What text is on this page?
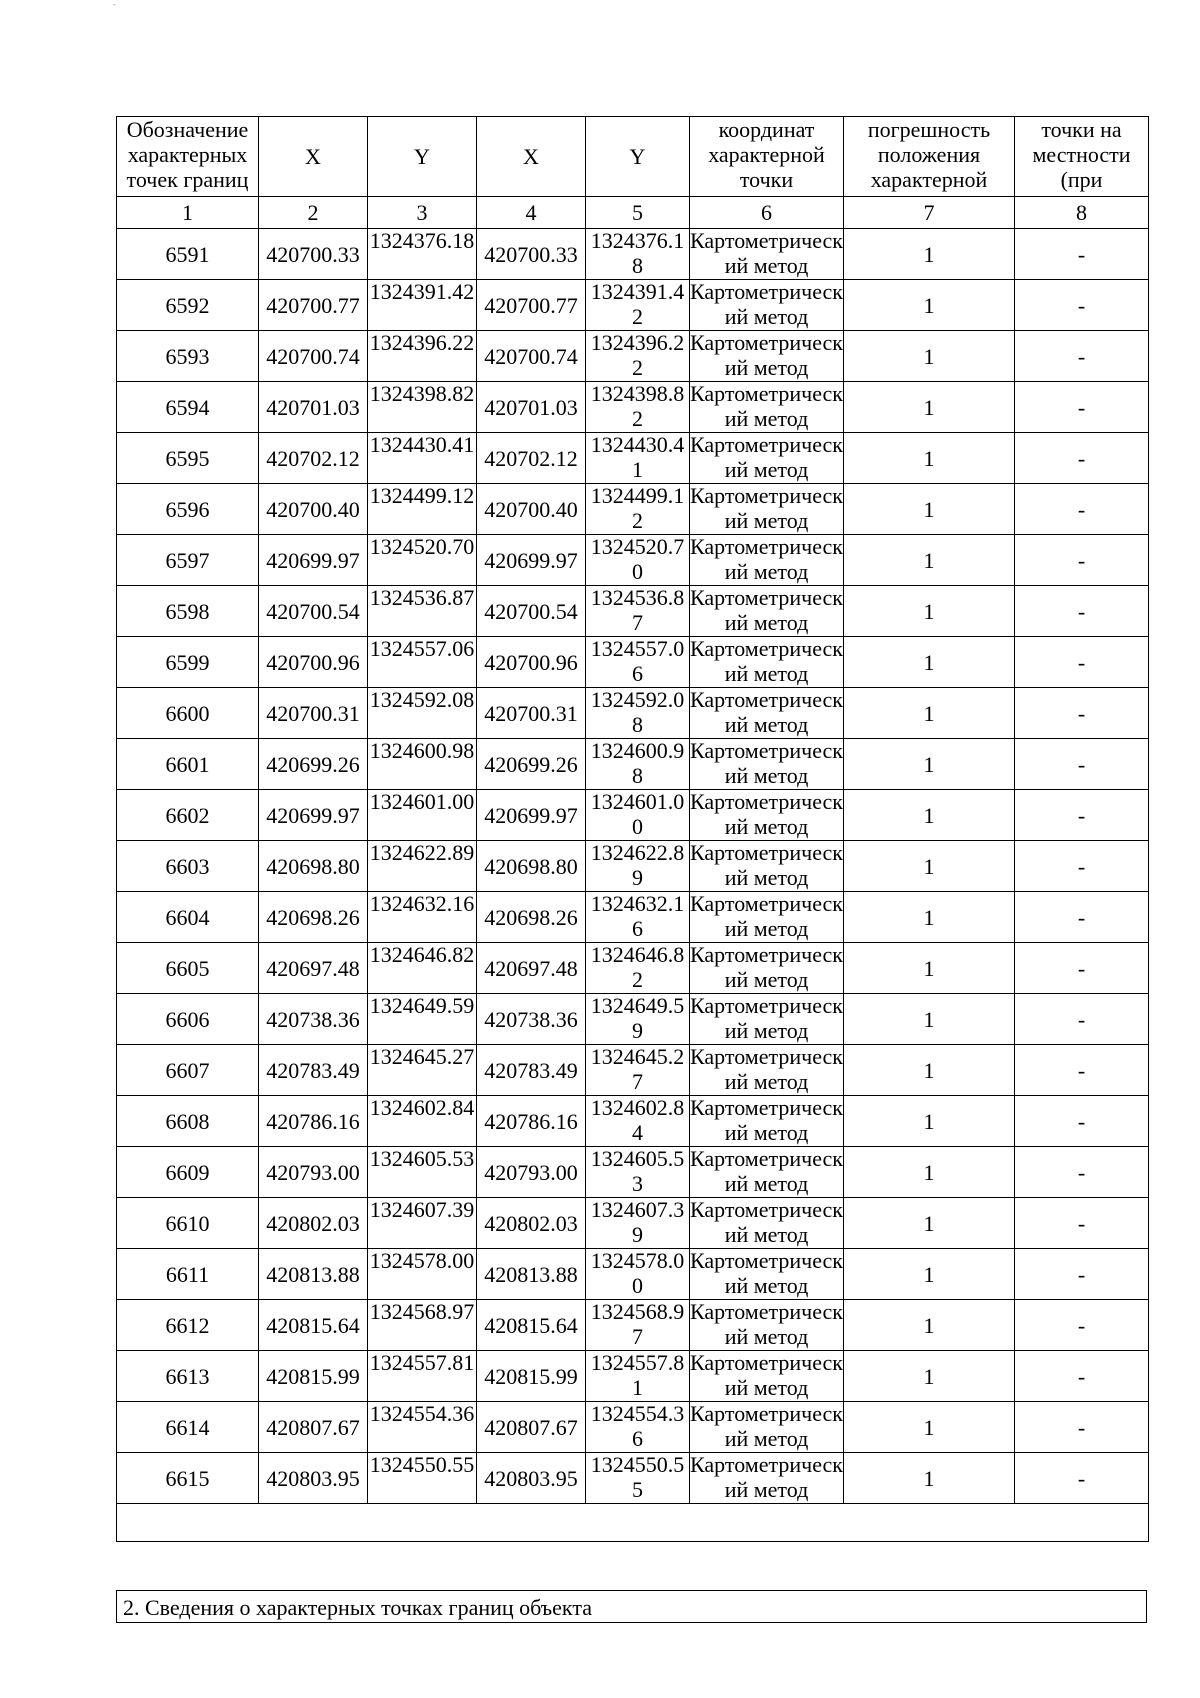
-
Обозначение характерных точек границ	X	Y	X	Y	координат характерной точки	погрешность положения характерной	точки на местности (при

1	2	3	4	5	6	7	8
6591	420700.33	1324376.18	420700.33	1324376.18	Картометрический метод	1	-
6592	420700.77	1324391.42	420700.77	1324391.42	Картометрический метод	1	-
6593	420700.74	1324396.22	420700.74	1324396.22	Картометрический метод	1	-
6594	420701.03	1324398.82	420701.03	1324398.82	Картометрический метод	1	-
6595	420702.12	1324430.41	420702.12	1324430.41	Картометрический метод	1	-
6596	420700.40	1324499.12	420700.40	1324499.12	Картометрический метод	1	-
6597	420699.97	1324520.70	420699.97	1324520.70	Картометрический метод	1	-
6598	420700.54	1324536.87	420700.54	1324536.87	Картометрический метод	1	-
6599	420700.96	1324557.06	420700.96	1324557.06	Картометрический метод	1	-
6600	420700.31	1324592.08	420700.31	1324592.08	Картометрический метод	1	-
6601	420699.26	1324600.98	420699.26	1324600.98	Картометрический метод	1	-
6602	420699.97	1324601.00	420699.97	1324601.00	Картометрический метод	1	-
6603	420698.80	1324622.89	420698.80	1324622.89	Картометрический метод	1	-
6604	420698.26	1324632.16	420698.26	1324632.16	Картометрический метод	1	-
6605	420697.48	1324646.82	420697.48	1324646.82	Картометрический метод	1	-
6606	420738.36	1324649.59	420738.36	1324649.59	Картометрический метод	1	-
6607	420783.49	1324645.27	420783.49	1324645.27	Картометрический метод	1	-
6608	420786.16	1324602.84	420786.16	1324602.84	Картометрический метод	1	-
6609	420793.00	1324605.53	420793.00	1324605.53	Картометрический метод	1	-
6610	420802.03	1324607.39	420802.03	1324607.39	Картометрический метод	1	-
6611	420813.88	1324578.00	420813.88	1324578.00	Картометрический метод	1	-
6612	420815.64	1324568.97	420815.64	1324568.97	Картометрический метод	1	-
6613	420815.99	1324557.81	420815.99	1324557.81	Картометрический метод	1	-
6614	420807.67	1324554.36	420807.67	1324554.36	Картометрический метод	1	-
6615	420803.95	1324550.55	420803.95	1324550.55	Картометрический метод	1	-

2. Сведения о характерных точках границ объекта
